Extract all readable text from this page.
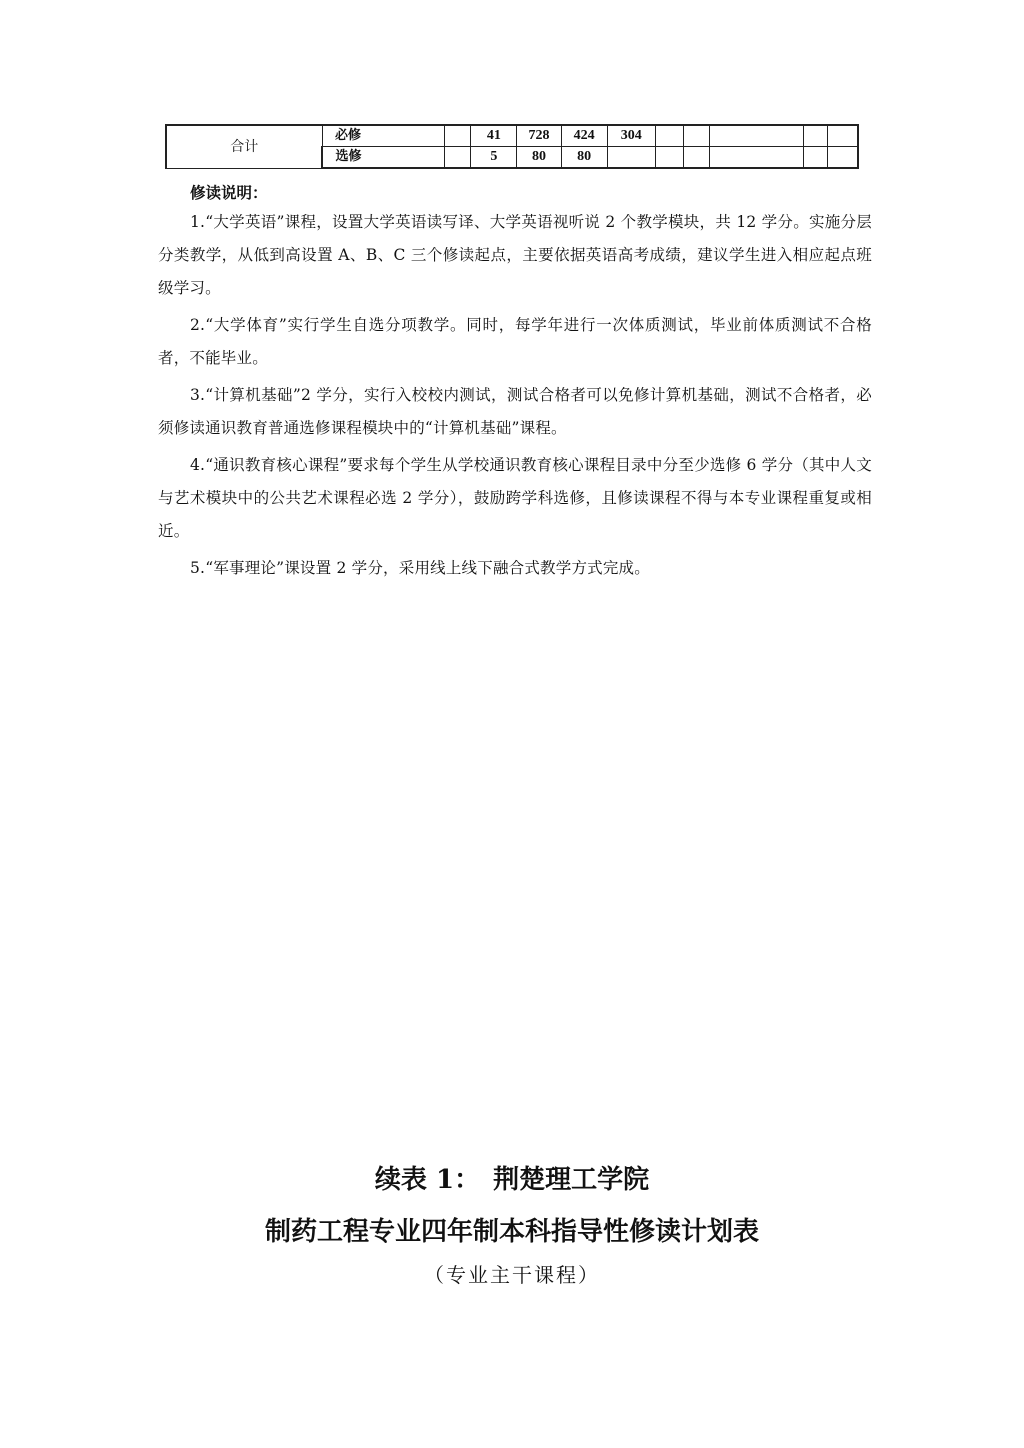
合计	必修		41	728	424	304					
	选修		5	80	80						

修读说明：

1.“大学英语”课程，设置大学英语读写译、大学英语视听说 2 个教学模块，共 12 学分。实施分层分类教学，从低到高设置 A、B、C 三个修读起点，主要依据英语高考成绩，建议学生进入相应起点班级学习。

2.“大学体育”实行学生自选分项教学。同时，每学年进行一次体质测试，毕业前体质测试不合格者，不能毕业。

3.“计算机基础”2 学分，实行入校校内测试，测试合格者可以免修计算机基础，测试不合格者，必须修读通识教育普通选修课程模块中的“计算机基础”课程。

4.“通识教育核心课程”要求每个学生从学校通识教育核心课程目录中分至少选修 6 学分（其中人文与艺术模块中的公共艺术课程必选 2 学分），鼓励跨学科选修，且修读课程不得与本专业课程重复或相近。

5.“军事理论”课设置 2 学分，采用线上线下融合式教学方式完成。

续表 1：　荆楚理工学院

制药工程专业四年制本科指导性修读计划表

（专业主干课程）
